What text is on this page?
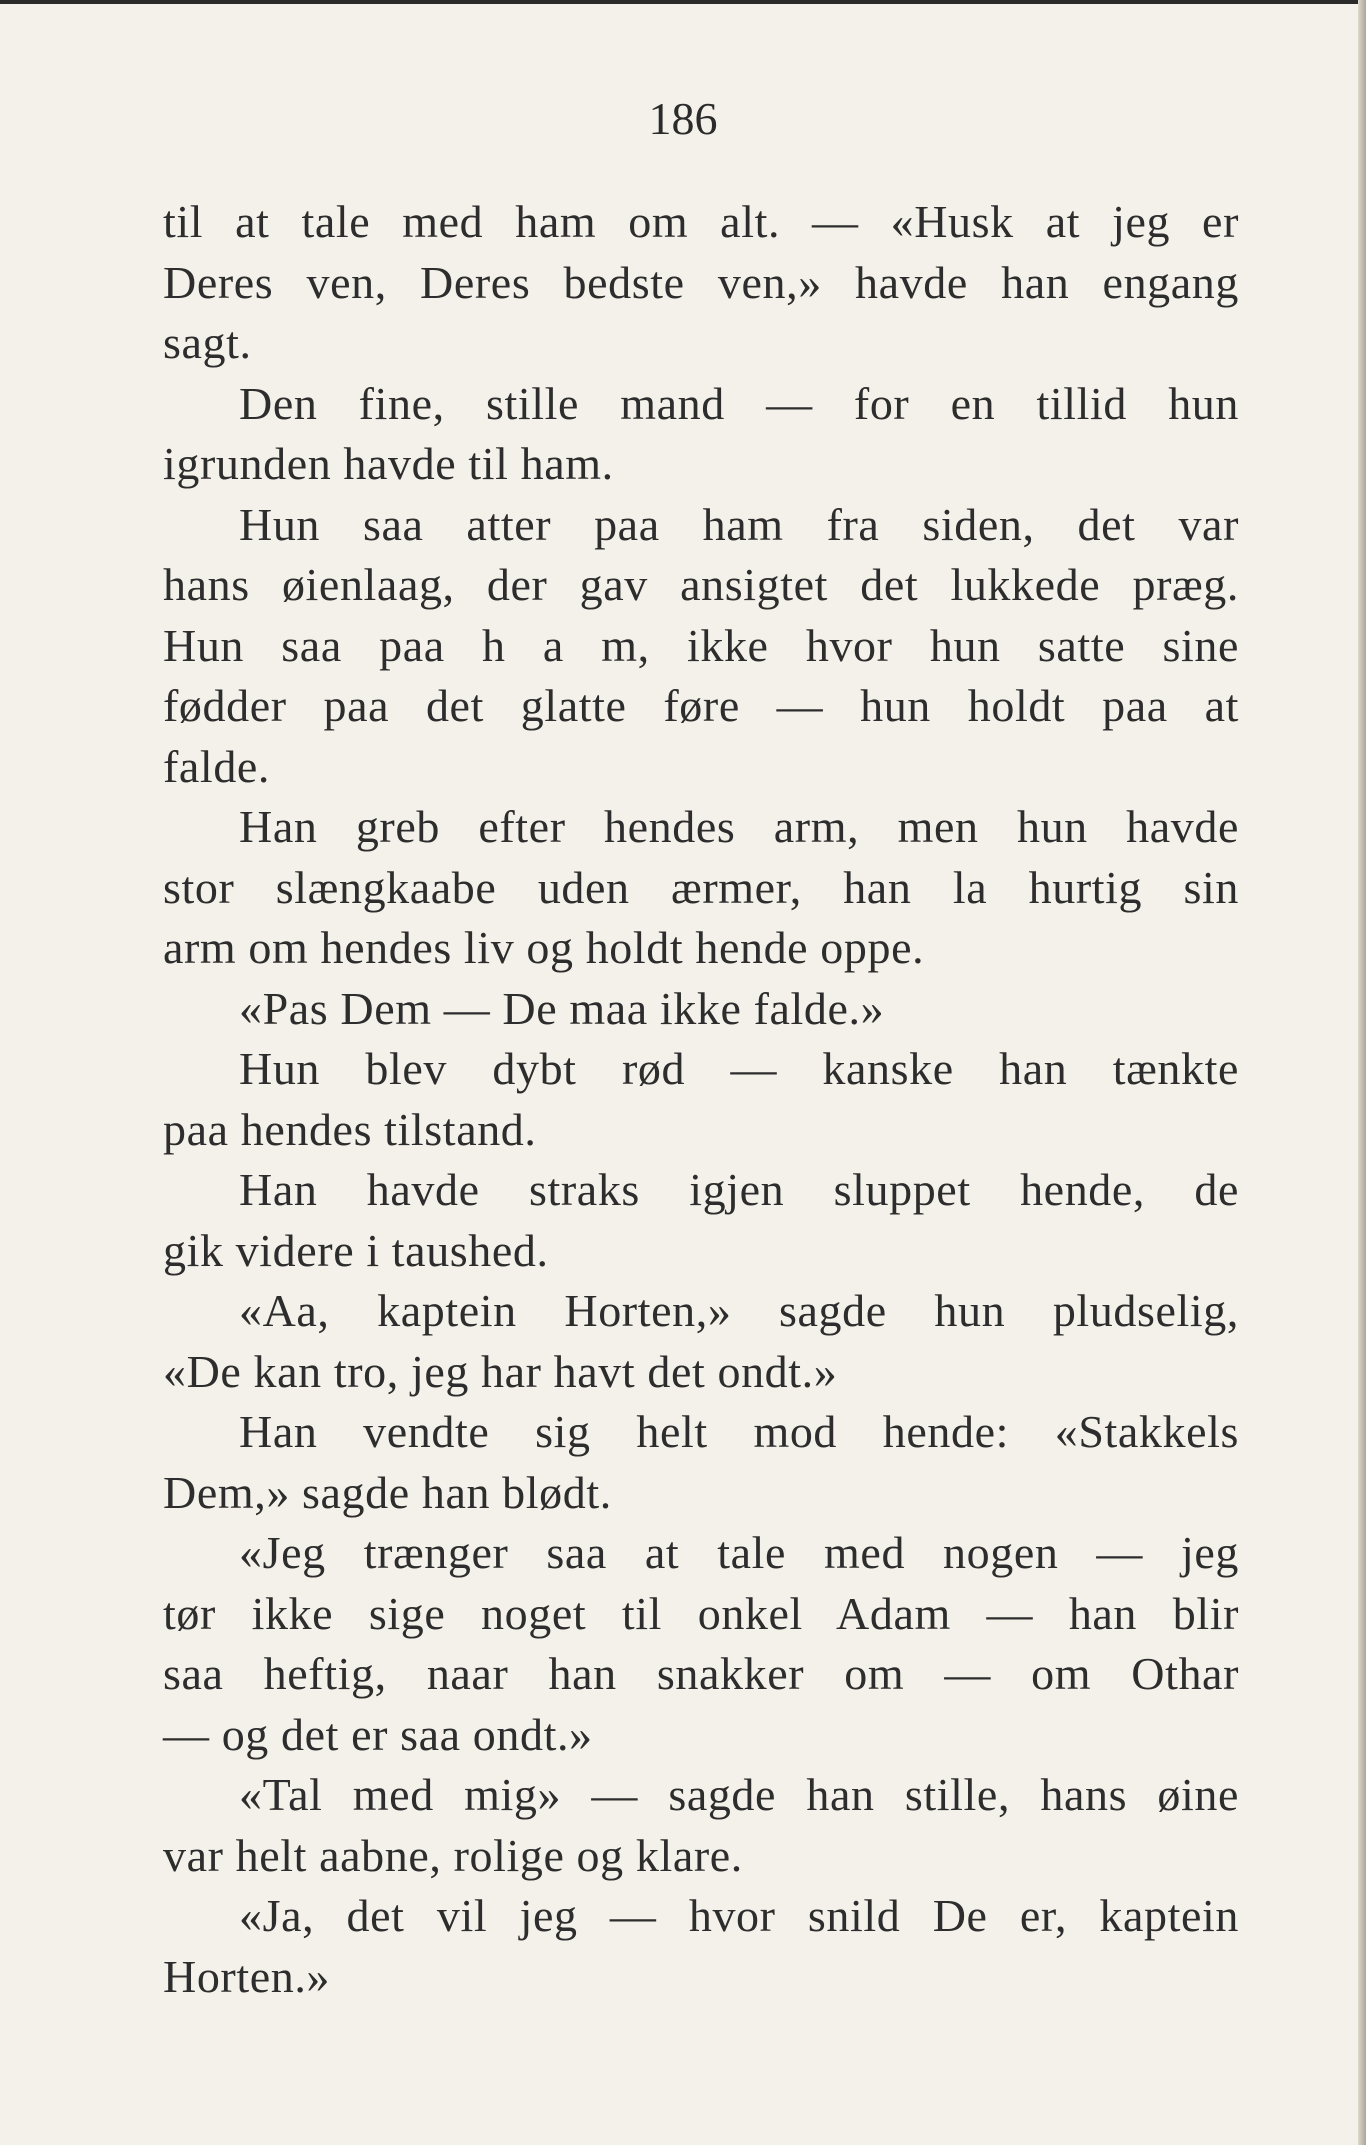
186
til at tale med ham om alt. — «Husk at jeg er
Deres ven, Deres bedste ven,» havde han engang
sagt.
Den fine, stille mand — for en tillid hun
igrunden havde til ham.
Hun saa atter paa ham fra siden, det var
hans øienlaag, der gav ansigtet det lukkede præg.
Hun saa paa h a m, ikke hvor hun satte sine
fødder paa det glatte føre — hun holdt paa at
falde.
Han greb efter hendes arm, men hun havde
stor slængkaabe uden ærmer, han la hurtig sin
arm om hendes liv og holdt hende oppe.
«Pas Dem — De maa ikke falde.»
Hun blev dybt rød — kanske han tænkte
paa hendes tilstand.
Han havde straks igjen sluppet hende, de
gik videre i taushed.
«Aa, kaptein Horten,» sagde hun pludselig,
«De kan tro, jeg har havt det ondt.»
Han vendte sig helt mod hende: «Stakkels
Dem,» sagde han blødt.
«Jeg trænger saa at tale med nogen — jeg
tør ikke sige noget til onkel Adam — han blir
saa heftig, naar han snakker om — om Othar
— og det er saa ondt.»
«Tal med mig» — sagde han stille, hans øine
var helt aabne, rolige og klare.
«Ja, det vil jeg — hvor snild De er, kaptein
Horten.»
